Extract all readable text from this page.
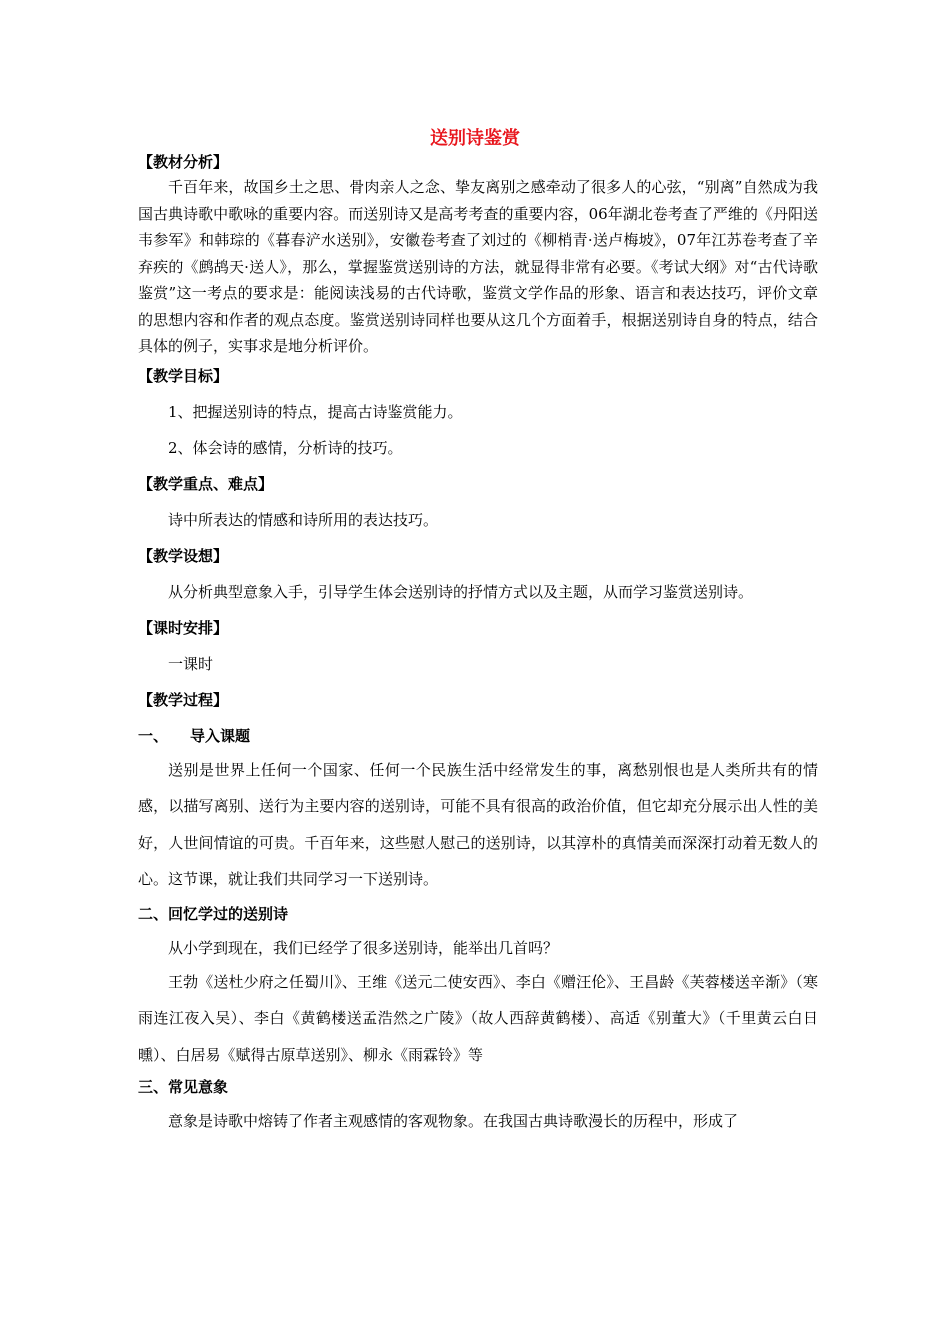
送别诗鉴赏
【教材分析】

千百年来，故国乡土之思、骨肉亲人之念、挚友离别之感牵动了很多人的心弦，“别离”自然成为我国古典诗歌中歌咏的重要内容。而送别诗又是高考考查的重要内容，06年湖北卷考查了严维的《丹阳送韦参军》和韩琮的《暮春浐水送别》，安徽卷考查了刘过的《柳梢青·送卢梅坡》，07年江苏卷考查了辛弃疾的《鹧鸪天·送人》，那么，掌握鉴赏送别诗的方法，就显得非常有必要。《考试大纲》对“古代诗歌鉴赏”这一考点的要求是：能阅读浅易的古代诗歌，鉴赏文学作品的形象、语言和表达技巧，评价文章的思想内容和作者的观点态度。鉴赏送别诗同样也要从这几个方面着手，根据送别诗自身的特点，结合具体的例子，实事求是地分析评价。

【教学目标】

1、把握送别诗的特点，提高古诗鉴赏能力。

2、体会诗的感情，分析诗的技巧。

【教学重点、难点】

诗中所表达的情感和诗所用的表达技巧。

【教学设想】

从分析典型意象入手，引导学生体会送别诗的抒情方式以及主题，从而学习鉴赏送别诗。

【课时安排】

一课时

【教学过程】
一、 导入课题

送别是世界上任何一个国家、任何一个民族生活中经常发生的事，离愁别恨也是人类所共有的情感，以描写离别、送行为主要内容的送别诗，可能不具有很高的政治价值，但它却充分展示出人性的美好，人世间情谊的可贵。千百年来，这些慰人慰己的送别诗，以其淳朴的真情美而深深打动着无数人的心。这节课，就让我们共同学习一下送别诗。

二、回忆学过的送别诗

从小学到现在，我们已经学了很多送别诗，能举出几首吗？

王勃《送杜少府之任蜀川》、王维《送元二使安西》、李白《赠汪伦》、王昌龄《芙蓉楼送辛渐》（寒雨连江夜入吴）、李白《黄鹤楼送孟浩然之广陵》（故人西辞黄鹤楼）、高适《别董大》（千里黄云白日曛）、白居易《赋得古原草送别》、柳永《雨霖铃》等

三、常见意象

意象是诗歌中熔铸了作者主观感情的客观物象。在我国古典诗歌漫长的历程中，形成了
